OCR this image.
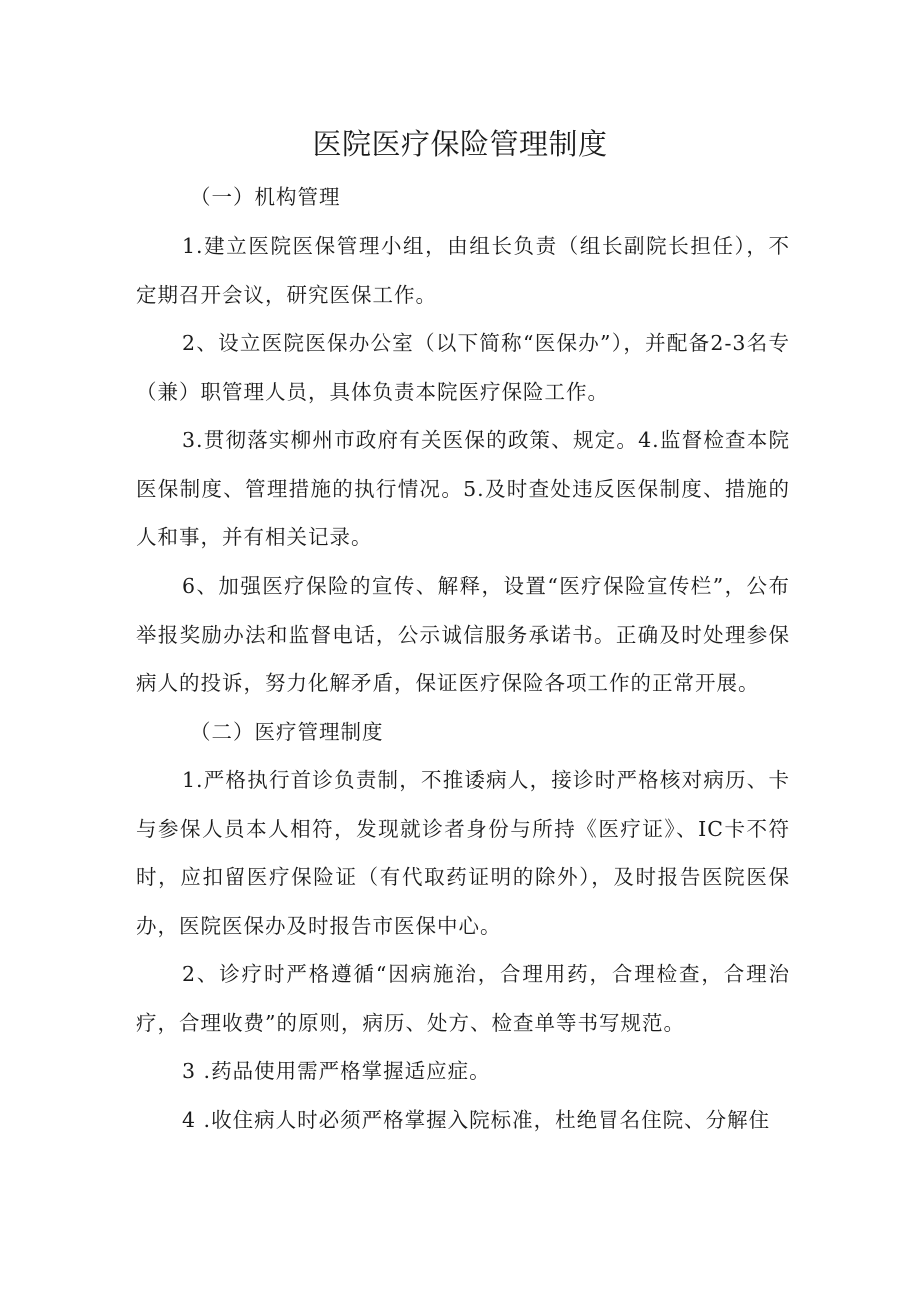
医院医疗保险管理制度
（一）机构管理
1.建立医院医保管理小组，由组长负责（组长副院长担任），不定期召开会议，研究医保工作。
2、设立医院医保办公室（以下简称“医保办”），并配备2-3名专（兼）职管理人员，具体负责本院医疗保险工作。
3.贯彻落实柳州市政府有关医保的政策、规定。4.监督检查本院医保制度、管理措施的执行情况。5.及时查处违反医保制度、措施的人和事，并有相关记录。
6、加强医疗保险的宣传、解释，设置“医疗保险宣传栏”，公布举报奖励办法和监督电话，公示诚信服务承诺书。正确及时处理参保病人的投诉，努力化解矛盾，保证医疗保险各项工作的正常开展。
（二）医疗管理制度
1.严格执行首诊负责制，不推诿病人，接诊时严格核对病历、卡与参保人员本人相符，发现就诊者身份与所持《医疗证》、IC卡不符时，应扣留医疗保险证（有代取药证明的除外），及时报告医院医保办，医院医保办及时报告市医保中心。
2、诊疗时严格遵循“因病施治，合理用药，合理检查，合理治疗，合理收费”的原则，病历、处方、检查单等书写规范。
3 .药品使用需严格掌握适应症。
4 .收住病人时必须严格掌握入院标准，杜绝冒名住院、分解住
